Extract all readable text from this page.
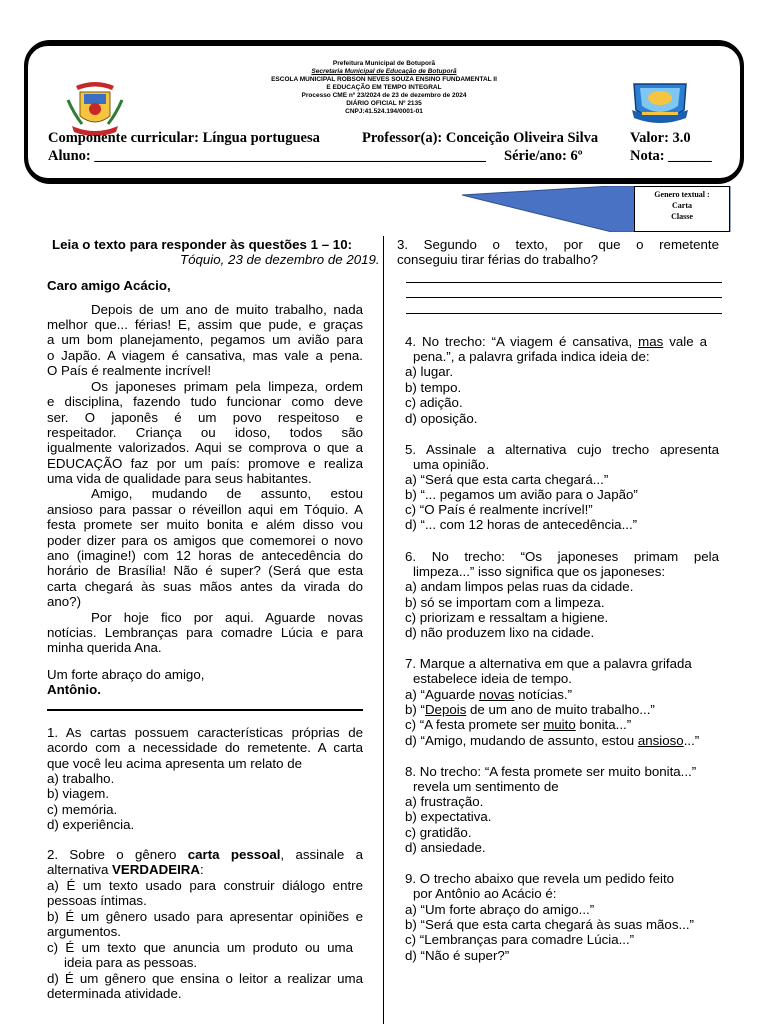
Prefeitura Municipal de Botuporã
Secretaria Municipal de Educação de Botuporã
ESCOLA MUNICIPAL ROBSON NEVES SOUZA ENSINO FUNDAMENTAL II
E EDUCAÇÃO EM TEMPO INTEGRAL
Processo CME nº 23/2024 de 23 de dezembro de 2024
DIÁRIO OFICIAL Nº 2135
CNPJ:41.524.194/0001-01
Componente curricular: Língua portuguesa	Professor(a): Conceição Oliveira Silva Valor: 3.0
Aluno: ______________________________________________________ Série/ano: 6º	Nota: ______
Genero textual :
Carta
Classe
Leia o texto para responder às questões 1 – 10:
Tóquio, 23 de dezembro de 2019.
Caro amigo Acácio,
Depois de um ano de muito trabalho, nada
melhor que... férias! E, assim que pude, e graças
a um bom planejamento, pegamos um avião para
o Japão. A viagem é cansativa, mas vale a pena.
O País é realmente incrível!
Os japoneses primam pela limpeza, ordem
e disciplina, fazendo tudo funcionar como deve
ser. O japonês é um povo respeitoso e
respeitador. Criança ou idoso, todos são
igualmente valorizados. Aqui se comprova o que a
EDUCAÇÃO faz por um país: promove e realiza
uma vida de qualidade para seus habitantes.
Amigo, mudando de assunto, estou
ansioso para passar o réveillon aqui em Tóquio. A
festa promete ser muito bonita e além disso vou
poder dizer para os amigos que comemorei o novo
ano (imagine!) com 12 horas de antecedência do
horário de Brasília! Não é super? (Será que esta
carta chegará às suas mãos antes da virada do
ano?)
Por hoje fico por aqui. Aguarde novas
notícias. Lembranças para comadre Lúcia e para
minha querida Ana.
Um forte abraço do amigo,
Antônio.
1. As cartas possuem características próprias de
acordo com a necessidade do remetente. A carta
que você leu acima apresenta um relato de
a) trabalho.
b) viagem.
c) memória.
d) experiência.
2. Sobre o gênero carta pessoal, assinale a
alternativa VERDADEIRA:
a) É um texto usado para construir diálogo entre
pessoas íntimas.
b) É um gênero usado para apresentar opiniões e
argumentos.
c) É um texto que anuncia um produto ou uma
ideia para as pessoas.
d) É um gênero que ensina o leitor a realizar uma
determinada atividade.
3. Segundo o texto, por que o remetente
conseguiu tirar férias do trabalho?
4. No trecho: “A viagem é cansativa, mas vale a
pena.”, a palavra grifada indica ideia de:
a) lugar.
b) tempo.
c) adição.
d) oposição.
5. Assinale a alternativa cujo trecho apresenta
uma opinião.
a) “Será que esta carta chegará...”
b) “... pegamos um avião para o Japão”
c) “O País é realmente incrível!”
d) “... com 12 horas de antecedência...”
6. No trecho: “Os japoneses primam pela
limpeza...” isso significa que os japoneses:
a) andam limpos pelas ruas da cidade.
b) só se importam com a limpeza.
c) priorizam e ressaltam a higiene.
d) não produzem lixo na cidade.
7. Marque a alternativa em que a palavra grifada
estabelece ideia de tempo.
a) “Aguarde novas notícias.”
b) “Depois de um ano de muito trabalho...”
c) “A festa promete ser muito bonita...”
d) “Amigo, mudando de assunto, estou ansioso...”
8. No trecho: “A festa promete ser muito bonita...”
revela um sentimento de
a) frustração.
b) expectativa.
c) gratidão.
d) ansiedade.
9. O trecho abaixo que revela um pedido feito
por Antônio ao Acácio é:
a) “Um forte abraço do amigo...”
b) “Será que esta carta chegará às suas mãos...”
c) “Lembranças para comadre Lúcia...”
d) “Não é super?”
